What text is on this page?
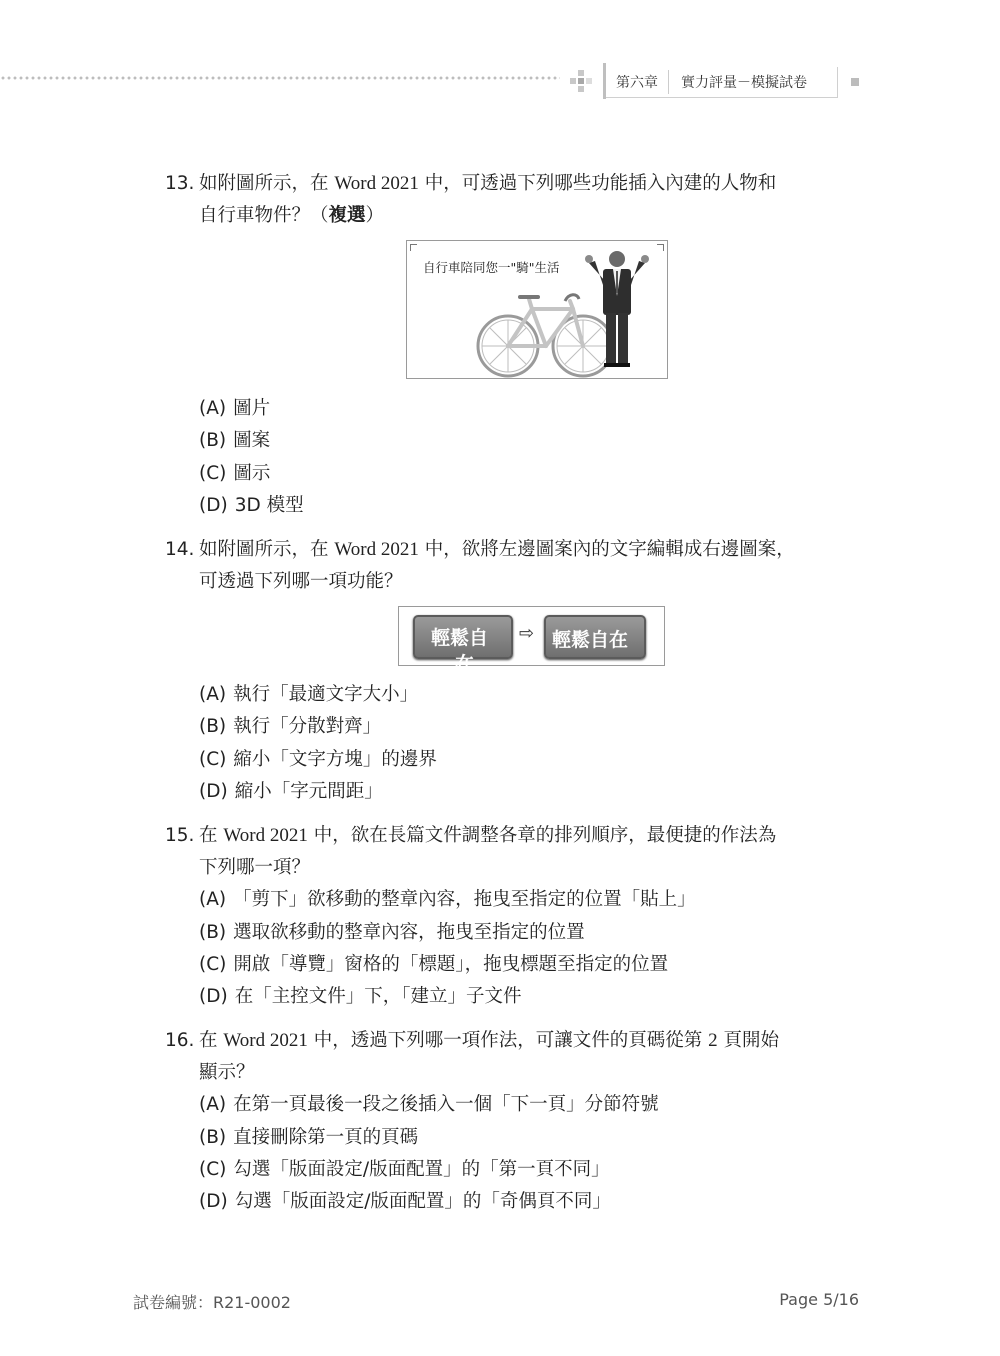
第六章	實力評量－模擬試卷
13. 如附圖所示，在 Word 2021 中，可透過下列哪些功能插入內建的人物和
自行車物件？（複選）
自行車陪同您一"騎"生活
(A) 圖片
(B) 圖案
(C) 圖示
(D) 3D 模型
14. 如附圖所示，在 Word 2021 中，欲將左邊圖案內的文字編輯成右邊圖案，
可透過下列哪一項功能？
輕鬆自
在
⇨ 輕鬆自在
(A) 執行「最適文字大小」
(B) 執行「分散對齊」
(C) 縮小「文字方塊」的邊界
(D) 縮小「字元間距」
15. 在 Word 2021 中，欲在長篇文件調整各章的排列順序，最便捷的作法為
下列哪一項？
(A) 「剪下」欲移動的整章內容，拖曳至指定的位置「貼上」
(B) 選取欲移動的整章內容，拖曳至指定的位置
(C) 開啟「導覽」窗格的「標題」，拖曳標題至指定的位置
(D) 在「主控文件」下，「建立」子文件
16. 在 Word 2021 中，透過下列哪一項作法，可讓文件的頁碼從第 2 頁開始
顯示？
(A) 在第一頁最後一段之後插入一個「下一頁」分節符號
(B) 直接刪除第一頁的頁碼
(C) 勾選「版面設定/版面配置」的「第一頁不同」
(D) 勾選「版面設定/版面配置」的「奇偶頁不同」
試卷編號：R21-0002	Page 5/16
